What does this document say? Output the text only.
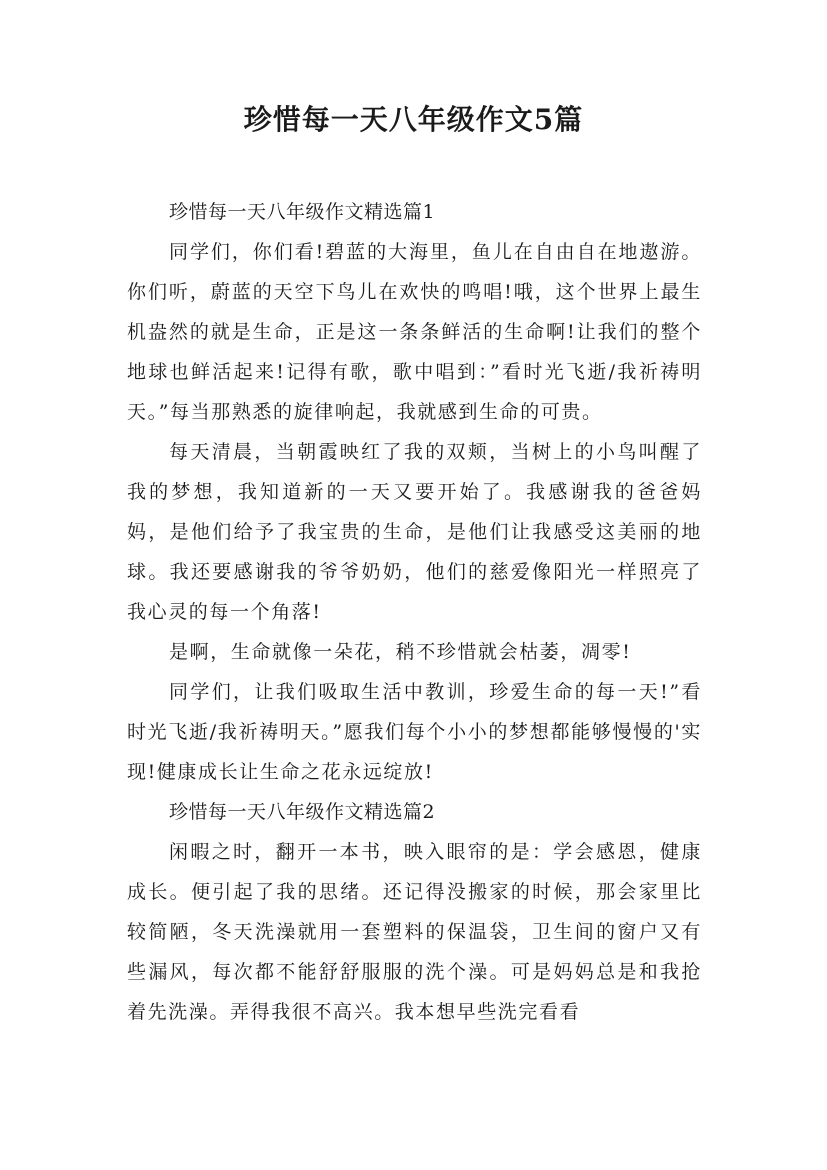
珍惜每一天八年级作文5篇

珍惜每一天八年级作文精选篇1

同学们，你们看!碧蓝的大海里，鱼儿在自由自在地遨游。你们听，蔚蓝的天空下鸟儿在欢快的鸣唱!哦，这个世界上最生机盎然的就是生命，正是这一条条鲜活的生命啊!让我们的整个地球也鲜活起来!记得有歌，歌中唱到：”看时光飞逝/我祈祷明天。”每当那熟悉的旋律响起，我就感到生命的可贵。

每天清晨，当朝霞映红了我的双颊，当树上的小鸟叫醒了我的梦想，我知道新的一天又要开始了。我感谢我的爸爸妈妈，是他们给予了我宝贵的生命，是他们让我感受这美丽的地球。我还要感谢我的爷爷奶奶，他们的慈爱像阳光一样照亮了我心灵的每一个角落!

是啊，生命就像一朵花，稍不珍惜就会枯萎，凋零!

同学们，让我们吸取生活中教训，珍爱生命的每一天!”看时光飞逝/我祈祷明天。”愿我们每个小小的梦想都能够慢慢的'实现!健康成长让生命之花永远绽放!

珍惜每一天八年级作文精选篇2

闲暇之时，翻开一本书，映入眼帘的是：学会感恩，健康成长。便引起了我的思绪。还记得没搬家的时候，那会家里比较简陋，冬天洗澡就用一套塑料的保温袋，卫生间的窗户又有些漏风，每次都不能舒舒服服的洗个澡。可是妈妈总是和我抢着先洗澡。弄得我很不高兴。我本想早些洗完看看
